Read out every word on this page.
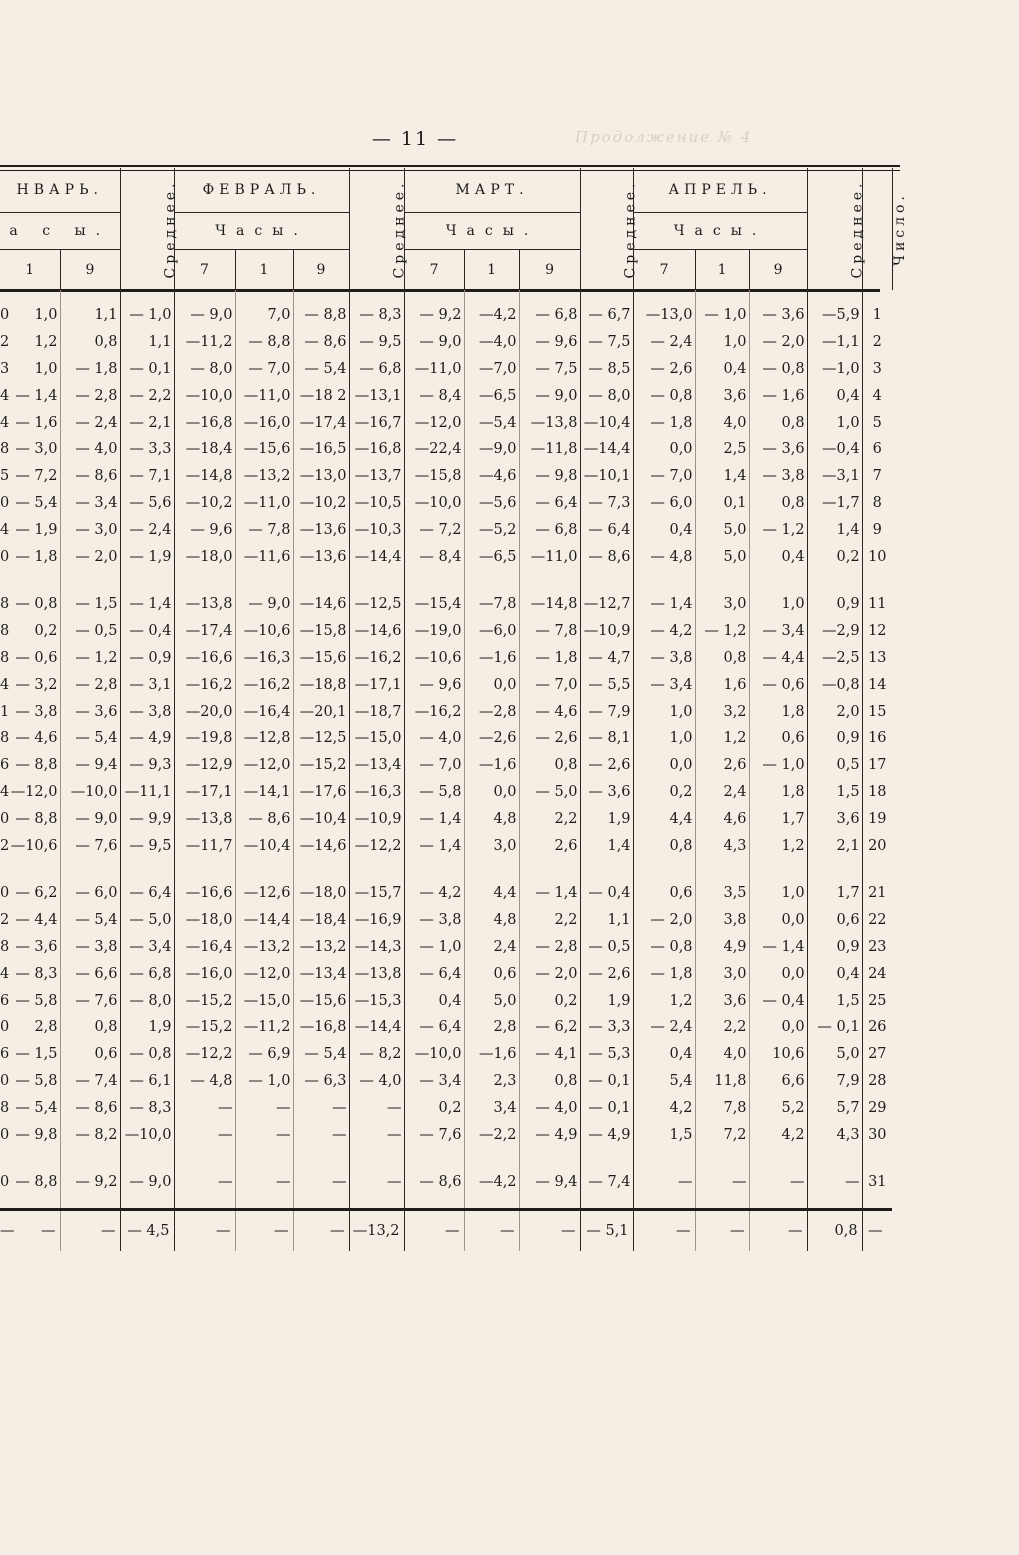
— 11 —	Продолжение № 4
НВАРЬ.			Среднее.	ФЕВРАЛЬ.			Среднее.	МАРТ.			Среднее.	АПРЕЛЬ.			Среднее.	Число.
а с ы.				Часы.				Часы.				Часы.				
1		9		7	1	9		7	1	9		7	1	9		

0	1,0	1,1	— 1,0	— 9,0	7,0	— 8,8	— 8,3	— 9,2	—4,2	— 6,8	— 6,7	—13,0	— 1,0	— 3,6	—5,9	1
2	1,2	0,8	1,1	—11,2	— 8,8	— 8,6	— 9,5	— 9,0	—4,0	— 9,6	— 7,5	— 2,4	1,0	— 2,0	—1,1	2
3	1,0	— 1,8	— 0,1	— 8,0	— 7,0	— 5,4	— 6,8	—11,0	—7,0	— 7,5	— 8,5	— 2,6	0,4	— 0,8	—1,0	3
4	— 1,4	— 2,8	— 2,2	—10,0	—11,0	—18 2	—13,1	— 8,4	—6,5	— 9,0	— 8,0	— 0,8	3,6	— 1,6	0,4	4
4	— 1,6	— 2,4	— 2,1	—16,8	—16,0	—17,4	—16,7	—12,0	—5,4	—13,8	—10,4	— 1,8	4,0	0,8	1,0	5
8	— 3,0	— 4,0	— 3,3	—18,4	—15,6	—16,5	—16,8	—22,4	—9,0	—11,8	—14,4	0,0	2,5	— 3,6	—0,4	6
5	— 7,2	— 8,6	— 7,1	—14,8	—13,2	—13,0	—13,7	—15,8	—4,6	— 9,8	—10,1	— 7,0	1,4	— 3,8	—3,1	7
0	— 5,4	— 3,4	— 5,6	—10,2	—11,0	—10,2	—10,5	—10,0	—5,6	— 6,4	— 7,3	— 6,0	0,1	0,8	—1,7	8
4	— 1,9	— 3,0	— 2,4	— 9,6	— 7,8	—13,6	—10,3	— 7,2	—5,2	— 6,8	— 6,4	0,4	5,0	— 1,2	1,4	9
0	— 1,8	— 2,0	— 1,9	—18,0	—11,6	—13,6	—14,4	— 8,4	—6,5	—11,0	— 8,6	— 4,8	5,0	0,4	0,2	10

8	— 0,8	— 1,5	— 1,4	—13,8	— 9,0	—14,6	—12,5	—15,4	—7,8	—14,8	—12,7	— 1,4	3,0	1,0	0,9	11
8	0,2	— 0,5	— 0,4	—17,4	—10,6	—15,8	—14,6	—19,0	—6,0	— 7,8	—10,9	— 4,2	— 1,2	— 3,4	—2,9	12
8	— 0,6	— 1,2	— 0,9	—16,6	—16,3	—15,6	—16,2	—10,6	—1,6	— 1,8	— 4,7	— 3,8	0,8	— 4,4	—2,5	13
4	— 3,2	— 2,8	— 3,1	—16,2	—16,2	—18,8	—17,1	— 9,6	0,0	— 7,0	— 5,5	— 3,4	1,6	— 0,6	—0,8	14
1	— 3,8	— 3,6	— 3,8	—20,0	—16,4	—20,1	—18,7	—16,2	—2,8	— 4,6	— 7,9	1,0	3,2	1,8	2,0	15
8	— 4,6	— 5,4	— 4,9	—19,8	—12,8	—12,5	—15,0	— 4,0	—2,6	— 2,6	— 8,1	1,0	1,2	0,6	0,9	16
6	— 8,8	— 9,4	— 9,3	—12,9	—12,0	—15,2	—13,4	— 7,0	—1,6	0,8	— 2,6	0,0	2,6	— 1,0	0,5	17
4	—12,0	—10,0	—11,1	—17,1	—14,1	—17,6	—16,3	— 5,8	0,0	— 5,0	— 3,6	0,2	2,4	1,8	1,5	18
0	— 8,8	— 9,0	— 9,9	—13,8	— 8,6	—10,4	—10,9	— 1,4	4,8	2,2	1,9	4,4	4,6	1,7	3,6	19
2	—10,6	— 7,6	— 9,5	—11,7	—10,4	—14,6	—12,2	— 1,4	3,0	2,6	1,4	0,8	4,3	1,2	2,1	20

0	— 6,2	— 6,0	— 6,4	—16,6	—12,6	—18,0	—15,7	— 4,2	4,4	— 1,4	— 0,4	0,6	3,5	1,0	1,7	21
2	— 4,4	— 5,4	— 5,0	—18,0	—14,4	—18,4	—16,9	— 3,8	4,8	2,2	1,1	— 2,0	3,8	0,0	0,6	22
8	— 3,6	— 3,8	— 3,4	—16,4	—13,2	—13,2	—14,3	— 1,0	2,4	— 2,8	— 0,5	— 0,8	4,9	— 1,4	0,9	23
4	— 8,3	— 6,6	— 6,8	—16,0	—12,0	—13,4	—13,8	— 6,4	0,6	— 2,0	— 2,6	— 1,8	3,0	0,0	0,4	24
6	— 5,8	— 7,6	— 8,0	—15,2	—15,0	—15,6	—15,3	0,4	5,0	0,2	1,9	1,2	3,6	— 0,4	1,5	25
0	2,8	0,8	1,9	—15,2	—11,2	—16,8	—14,4	— 6,4	2,8	— 6,2	— 3,3	— 2,4	2,2	0,0	— 0,1	26
6	— 1,5	0,6	— 0,8	—12,2	— 6,9	— 5,4	— 8,2	—10,0	—1,6	— 4,1	— 5,3	0,4	4,0	10,6	5,0	27
0	— 5,8	— 7,4	— 6,1	— 4,8	— 1,0	— 6,3	— 4,0	— 3,4	2,3	0,8	— 0,1	5,4	11,8	6,6	7,9	28
8	— 5,4	— 8,6	— 8,3	—	—	—	—	0,2	3,4	— 4,0	— 0,1	4,2	7,8	5,2	5,7	29
0	— 9,8	— 8,2	—10,0	—	—	—	—	— 7,6	—2,2	— 4,9	— 4,9	1,5	7,2	4,2	4,3	30

0	— 8,8	— 9,2	— 9,0	—	—	—	—	— 8,6	—4,2	— 9,4	— 7,4	—	—	—	—	31

—	—	—	— 4,5	—	—	—	—13,2	—	—	—	— 5,1	—	—	—	0,8	—
